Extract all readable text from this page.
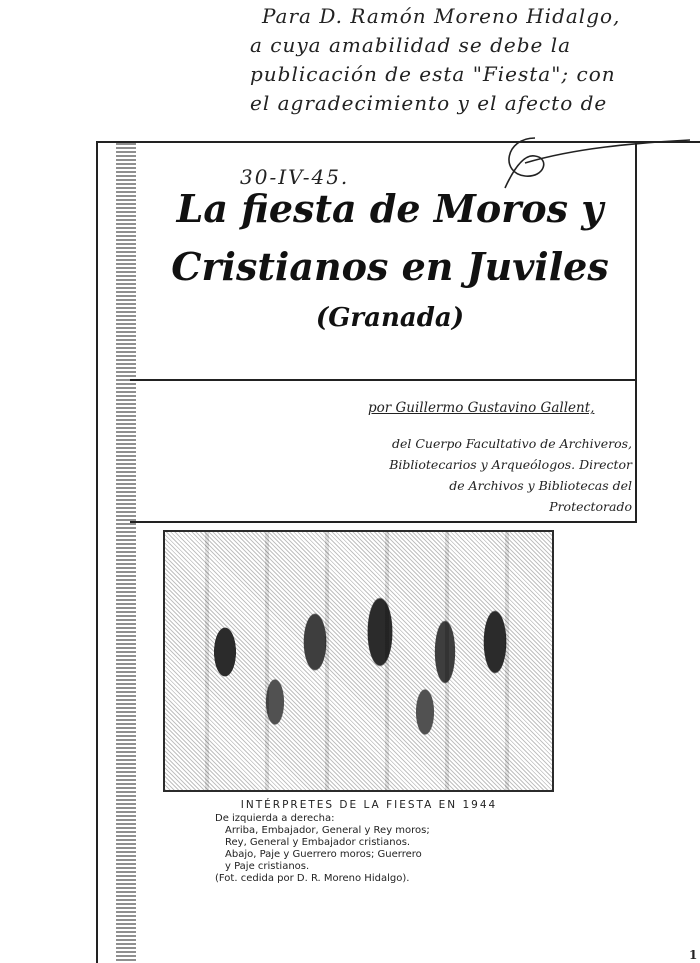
Para D. Ramón Moreno Hidalgo,
a cuya amabilidad se debe la
publicación de esta "Fiesta"; con
el agradecimiento y el afecto de
30-IV-45.
La fiesta de Moros y
Cristianos en Juviles
(Granada)
por Guillermo Gustavino Gallent,
del Cuerpo Facultativo de Archiveros,
Bibliotecarios y Arqueólogos. Director
de Archivos y Bibliotecas del
Protectorado
INTÉRPRETES DE LA FIESTA EN 1944
De izquierda a derecha:
Arriba, Embajador, General y Rey moros;
Rey, General y Embajador cristianos.
Abajo, Paje y Guerrero moros; Guerrero
y Paje cristianos.
(Fot. cedida por D. R. Moreno Hidalgo).
1
